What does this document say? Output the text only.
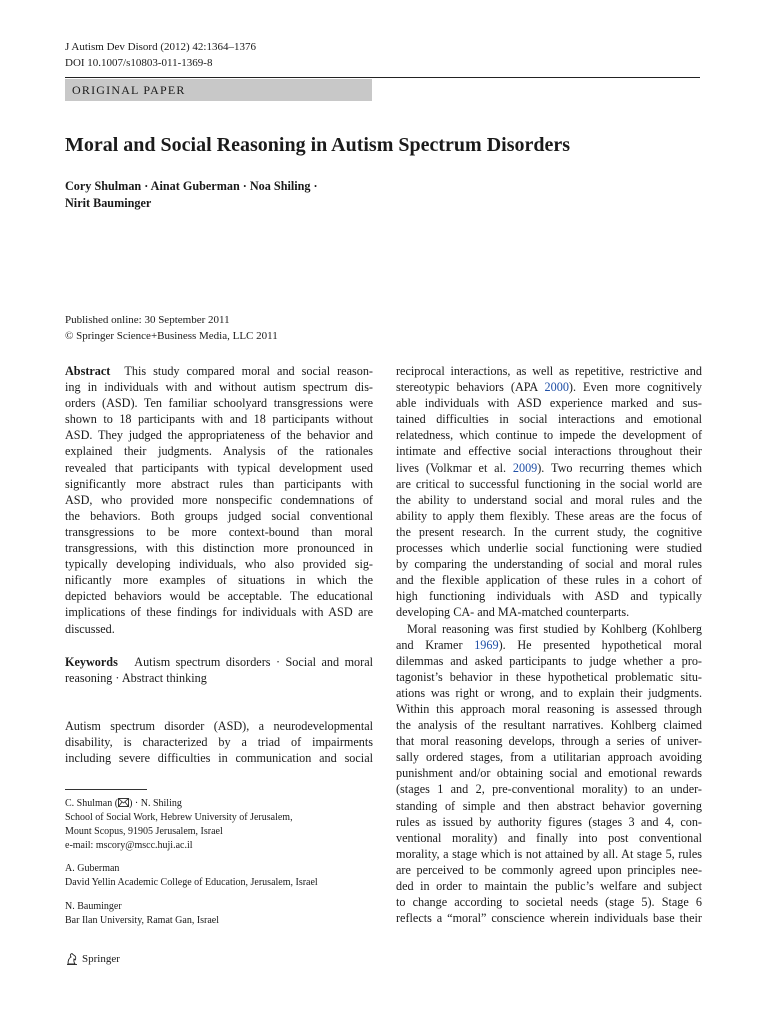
J Autism Dev Disord (2012) 42:1364–1376
DOI 10.1007/s10803-011-1369-8
ORIGINAL PAPER
Moral and Social Reasoning in Autism Spectrum Disorders
Cory Shulman · Ainat Guberman · Noa Shiling ·
Nirit Bauminger
Published online: 30 September 2011
© Springer Science+Business Media, LLC 2011
Abstract This study compared moral and social reason-
ing in individuals with and without autism spectrum dis-
orders (ASD). Ten familiar schoolyard transgressions were
shown to 18 participants with and 18 participants without
ASD. They judged the appropriateness of the behavior and
explained their judgments. Analysis of the rationales
revealed that participants with typical development used
significantly more abstract rules than participants with
ASD, who provided more nonspecific condemnations of
the behaviors. Both groups judged social conventional
transgressions to be more context-bound than moral
transgressions, with this distinction more pronounced in
typically developing individuals, who also provided sig-
nificantly more examples of situations in which the
depicted behaviors would be acceptable. The educational
implications of these findings for individuals with ASD are
discussed.
Keywords Autism spectrum disorders · Social and moral
reasoning · Abstract thinking
Autism spectrum disorder (ASD), a neurodevelopmental
disability, is characterized by a triad of impairments
including severe difficulties in communication and social
C. Shulman ( ) · N. Shiling
School of Social Work, Hebrew University of Jerusalem,
Mount Scopus, 91905 Jerusalem, Israel
e-mail: mscory@mscc.huji.ac.il
A. Guberman
David Yellin Academic College of Education, Jerusalem, Israel
N. Bauminger
Bar Ilan University, Ramat Gan, Israel
reciprocal interactions, as well as repetitive, restrictive and
stereotypic behaviors (APA 2000). Even more cognitively
able individuals with ASD experience marked and sus-
tained difficulties in social interactions and emotional
relatedness, which continue to impede the development of
intimate and effective social interactions throughout their
lives (Volkmar et al. 2009). Two recurring themes which
are critical to successful functioning in the social world are
the ability to understand social and moral rules and the
ability to apply them flexibly. These areas are the focus of
the present research. In the current study, the cognitive
processes which underlie social functioning were studied
by comparing the understanding of social and moral rules
and the flexible application of these rules in a cohort of
high functioning individuals with ASD and typically
developing CA- and MA-matched counterparts.
Moral reasoning was first studied by Kohlberg (Kohlberg
and Kramer 1969). He presented hypothetical moral
dilemmas and asked participants to judge whether a pro-
tagonist’s behavior in these hypothetical problematic situ-
ations was right or wrong, and to explain their judgments.
Within this approach moral reasoning is assessed through
the analysis of the resultant narratives. Kohlberg claimed
that moral reasoning develops, through a series of univer-
sally ordered stages, from a utilitarian approach avoiding
punishment and/or obtaining social and emotional rewards
(stages 1 and 2, pre-conventional morality) to an under-
standing of simple and then abstract behavior governing
rules as issued by authority figures (stages 3 and 4, con-
ventional morality) and finally into post conventional
morality, a stage which is not attained by all. At stage 5, rules
are perceived to be commonly agreed upon principles nee-
ded in order to maintain the public’s welfare and subject
to change according to societal needs (stage 5). Stage 6
reflects a “moral” conscience wherein individuals base their
Springer
